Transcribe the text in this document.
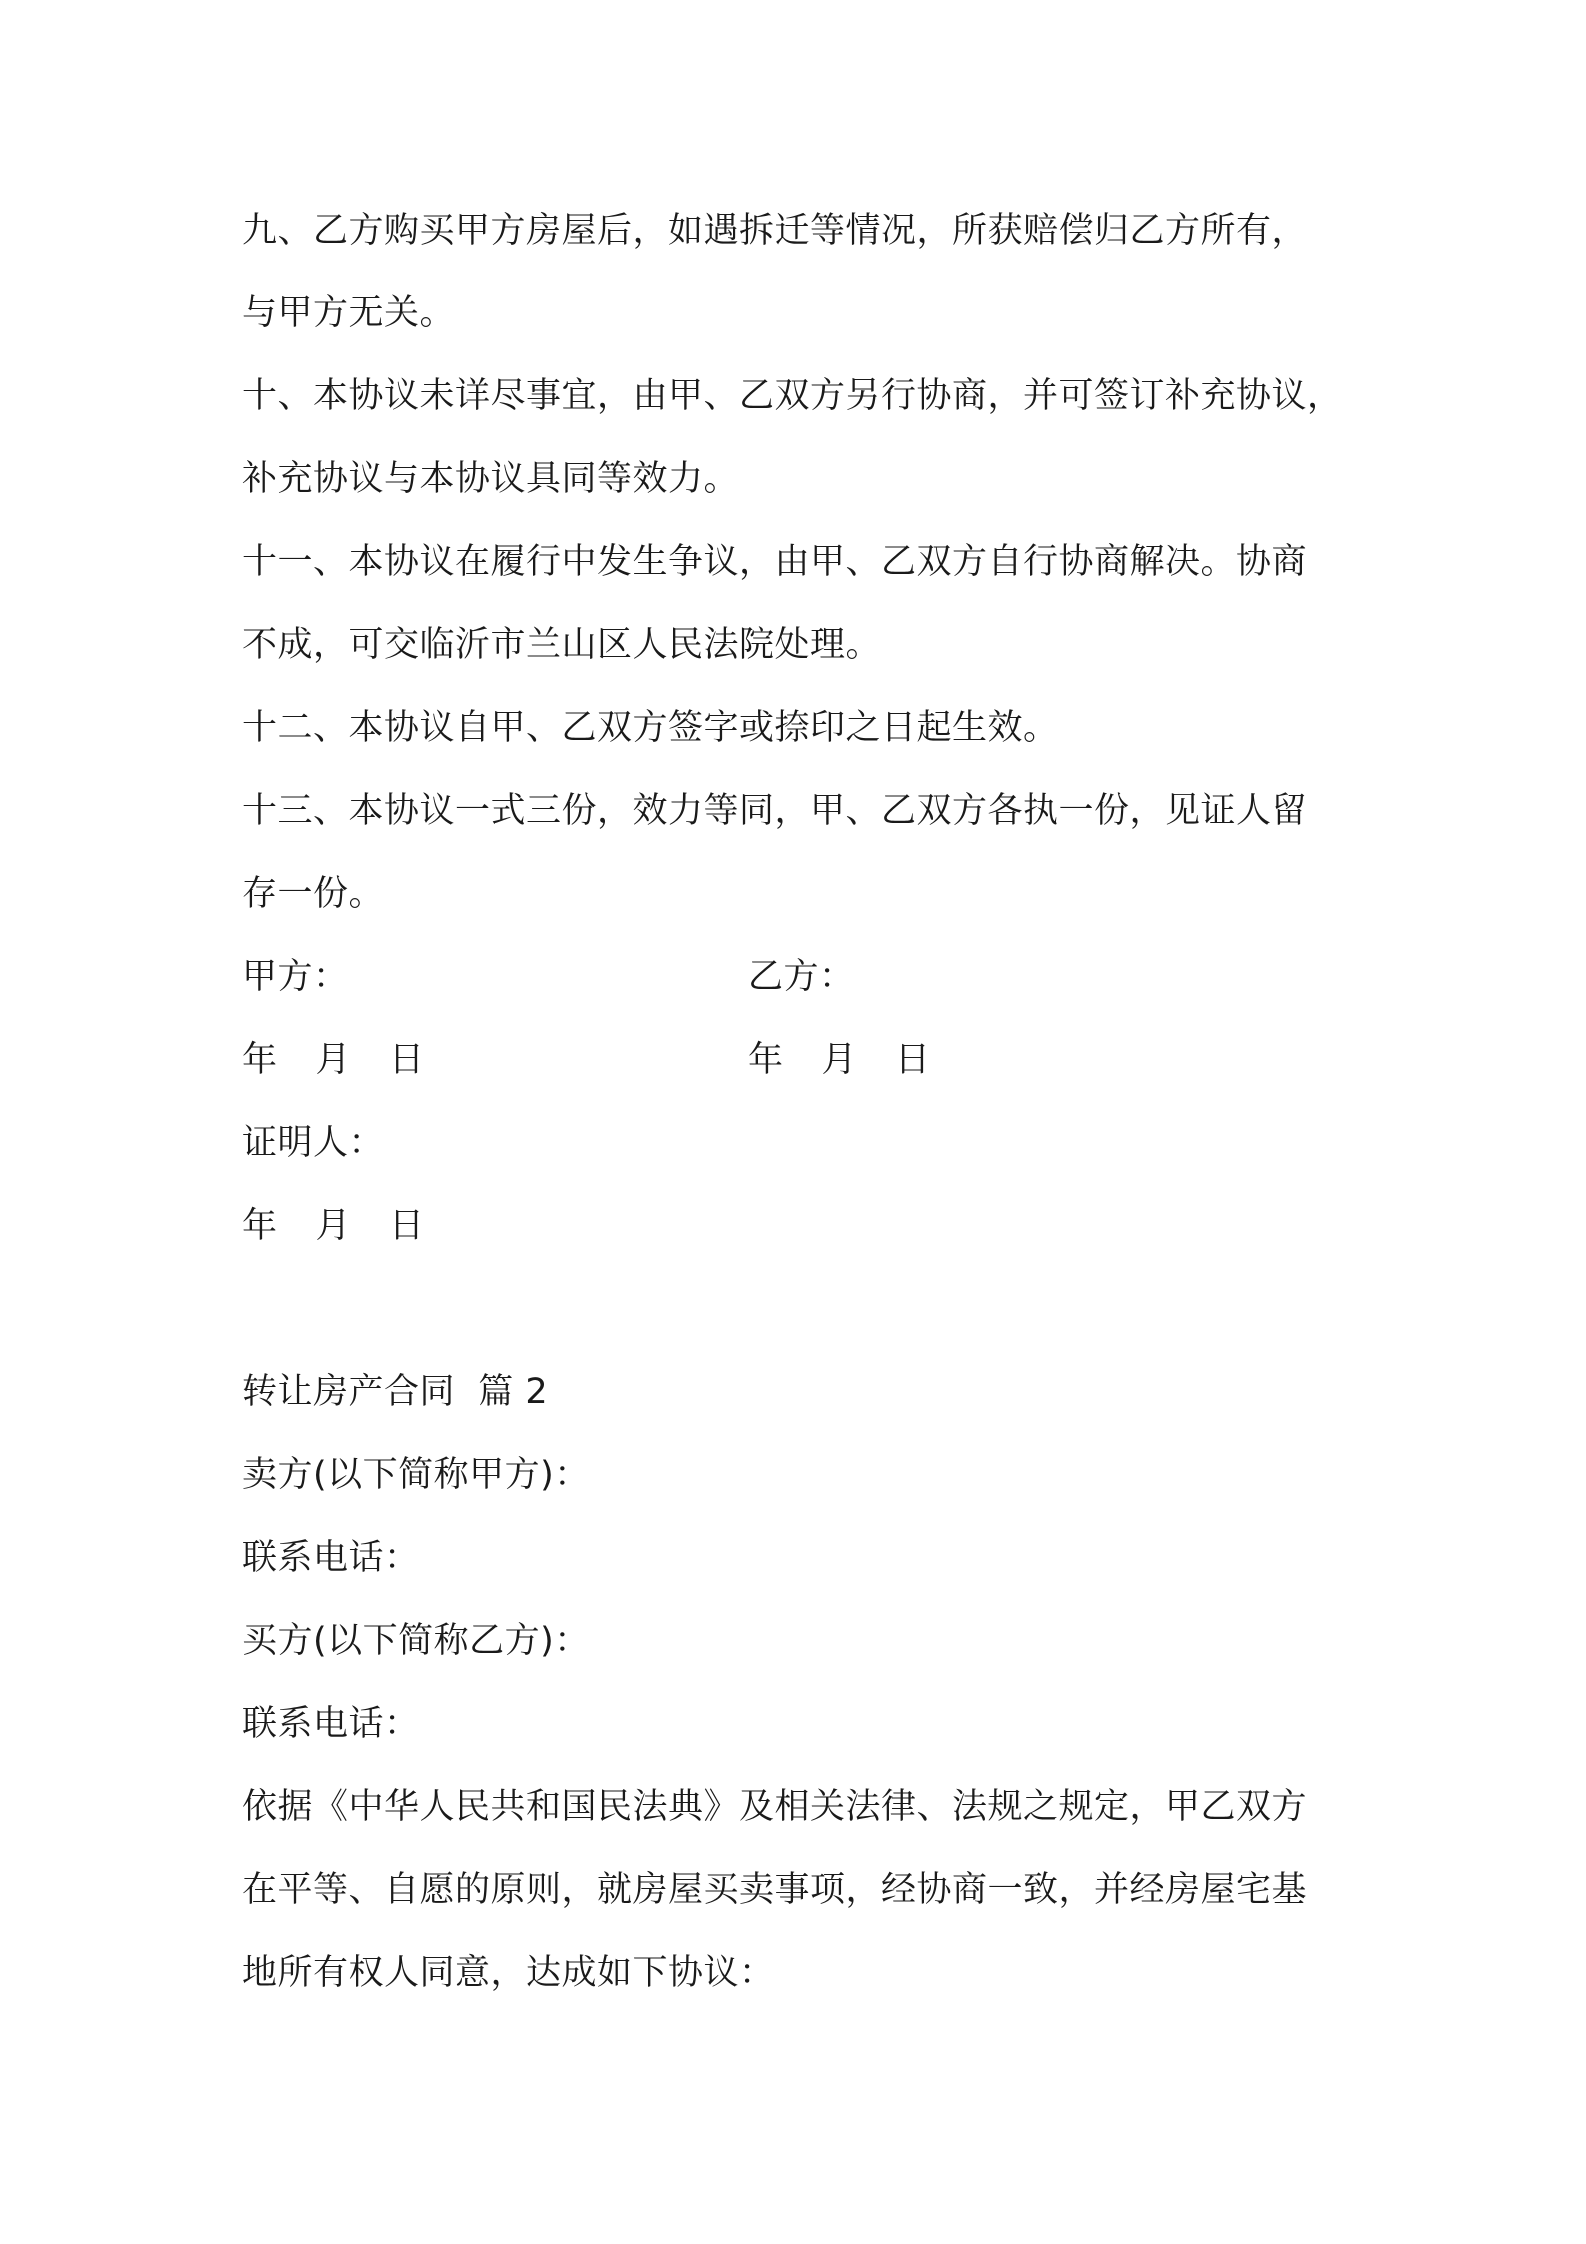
九、乙方购买甲方房屋后，如遇拆迁等情况，所获赔偿归乙方所有，
与甲方无关。
十、本协议未详尽事宜，由甲、乙双方另行协商，并可签订补充协议，
补充协议与本协议具同等效力。
十一、本协议在履行中发生争议，由甲、乙双方自行协商解决。协商
不成，可交临沂市兰山区人民法院处理。
十二、本协议自甲、乙双方签字或捺印之日起生效。
十三、本协议一式三份，效力等同，甲、乙双方各执一份，见证人留
存一份。
甲方：	乙方：
年 月 日	年 月 日
证明人：
年 月 日
转让房产合同  篇 2
卖方(以下简称甲方)：
联系电话：
买方(以下简称乙方)：
联系电话：
依据《中华人民共和国民法典》及相关法律、法规之规定，甲乙双方
在平等、自愿的原则，就房屋买卖事项，经协商一致，并经房屋宅基
地所有权人同意，达成如下协议：
